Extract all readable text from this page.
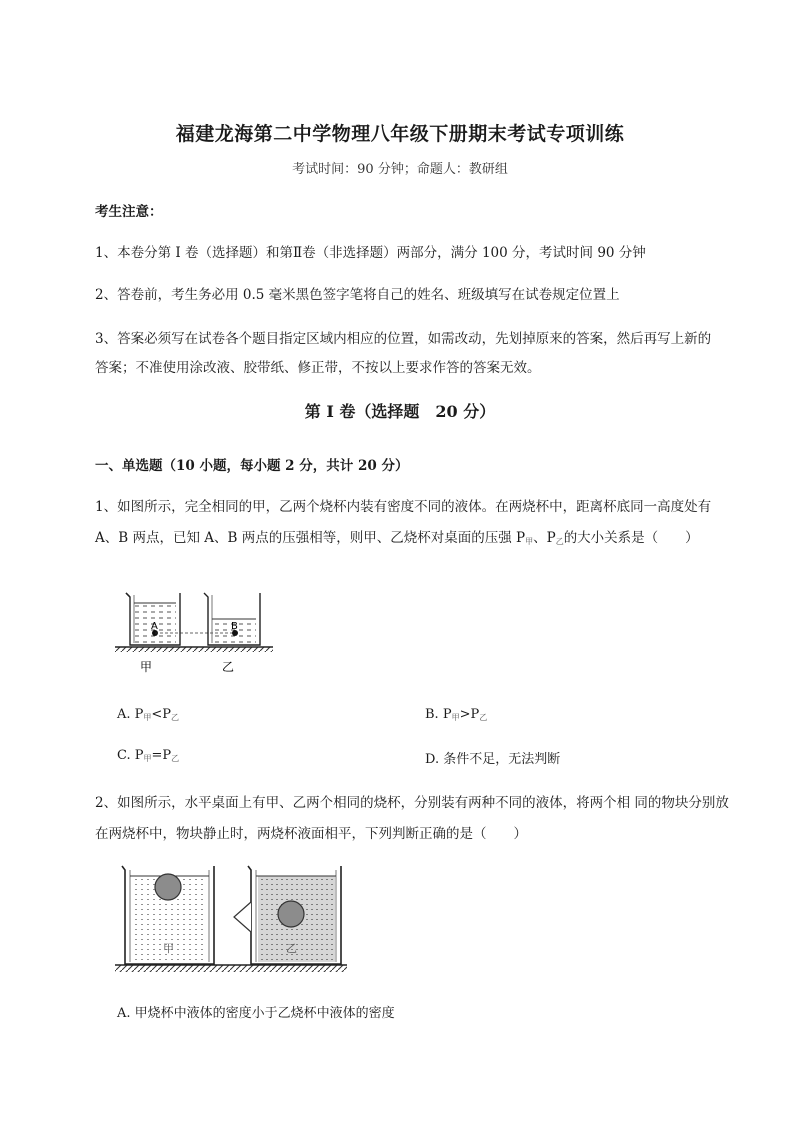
福建龙海第二中学物理八年级下册期末考试专项训练
考试时间：90 分钟；命题人：教研组
考生注意：
1、本卷分第 I 卷（选择题）和第Ⅱ卷（非选择题）两部分，满分 100 分，考试时间 90 分钟
2、答卷前，考生务必用 0.5 毫米黑色签字笔将自己的姓名、班级填写在试卷规定位置上
3、答案必须写在试卷各个题目指定区域内相应的位置，如需改动，先划掉原来的答案，然后再写上新的答案；不准使用涂改液、胶带纸、修正带，不按以上要求作答的答案无效。
第 I 卷（选择题　20 分）
一、单选题（10 小题，每小题 2 分，共计 20 分）
1、如图所示，完全相同的甲，乙两个烧杯内装有密度不同的液体。在两烧杯中，距离杯底同一高度处有 A、B 两点，已知 A、B 两点的压强相等，则甲、乙烧杯对桌面的压强 $P_甲$、$P_乙$的大小关系是（　　）
A	B
甲	乙
A. $P_甲<P_乙$	B. $P_甲>P_乙$
C. $P_甲=P_乙$	D. 条件不足，无法判断
2、如图所示，水平桌面上有甲、乙两个相同的烧杯，分别装有两种不同的液体，将两个相 同的物块分别放在两烧杯中，物块静止时，两烧杯液面相平，下列判断正确的是（　　）
甲	乙
A. 甲烧杯中液体的密度小于乙烧杯中液体的密度
